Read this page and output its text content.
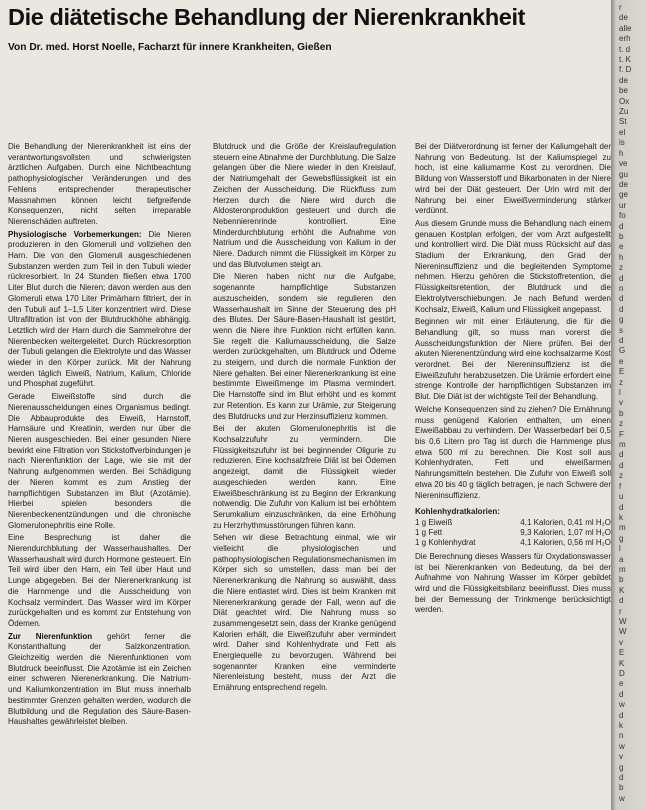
Die diätetische Behandlung der Nierenkrankheit

Von Dr. med. Horst Noelle, Facharzt für innere Krankheiten, Gießen

Die Behandlung der Nierenkrankheit ist eins der verantwortungsvollsten und schwierigsten ärztlichen Aufgaben. Durch eine Nichtbeachtung pathophysiologischer Veränderungen und des Fehlens entsprechender therapeutischer Massnahmen können leicht tiefgreifende Konsequenzen, nicht selten irreparable Nierenschäden auftreten.

Physiologische Vorbemerkungen: Die Nieren produzieren in den Glomeruli und vollziehen den Harn. Die von den Glomeruli ausgeschiedenen Substanzen werden zum Teil in den Tubuli wieder rückresorbiert. In 24 Stunden fließen etwa 1700 Liter Blut durch die Nieren; davon werden aus den Glomeruli etwa 170 Liter Primärharn filtriert, der in den Tubuli auf 1–1,5 Liter konzentriert wird. Diese Ultrafiltration ist von der Blutdruckhöhe abhängig. Letztlich wird der Harn durch die Sammelrohre der Nierenbecken weitergeleitet. Durch Rückresorption der Tubuli gelangen die Elektrolyte und das Wasser wieder in den Körper zurück. Mit der Nahrung werden täglich Eiweiß, Natrium, Kalium, Chloride und Phosphat zugeführt.

Gerade Eiweißstoffe sind durch die Nierenausscheidungen eines Organismus bedingt. Die Abbauprodukte des Eiweiß, Harnstoff, Harnsäure und Kreatinin, werden nur über die Nieren ausgeschieden. Bei einer gesunden Niere bewirkt eine Filtration von Stickstoffverbindungen je nach Nierenfunktion der Lage, wie sie mit der Nahrung aufgenommen werden. Bei Schädigung der Nieren kommt es zum Anstieg der harnpflichtigen Substanzen im Blut (Azotämie). Hierbei spielen besonders die Nierenbeckenentzündungen und die chronische Glomerulonephritis eine Rolle.

Eine Besprechung ist daher die Nierendurchblutung der Wasserhaushaltes. Der Wasserhaushalt wird durch Hormone gesteuert. Ein Teil wird über den Harn, ein Teil über Haut und Lunge abgegeben. Bei der Nierenerkrankung ist die Harnmenge und die Ausscheidung von Kochsalz vermindert. Das Wasser wird im Körper zurückgehalten und es kommt zur Entstehung von Ödemen.

Zur Nierenfunktion gehört ferner die Konstanthaltung der Salzkonzentration. Gleichzeitig werden die Nierenfunktionen vom Blutdruck beeinflusst. Die Azotämie ist ein Zeichen einer schweren Nierenerkrankung. Die Natrium- und Kaliumkonzentration im Blut muss innerhalb bestimmter Grenzen gehalten werden, wodurch die Blutbildung und die Regulation des Säure-Basen-Haushaltes gewährleistet bleiben.

Blutdruck und die Größe der Kreislaufregulation steuern eine Abnahme der Durchblutung. Die Salze gelangen über die Niere wieder in den Kreislauf, der Natriumgehalt der Gewebsflüssigkeit ist ein Zeichen der Ausscheidung. Die Rückfluss zum Herzen durch die Niere wird durch die Aldosteronproduktion gesteuert und durch die Nebennierenrinde kontrolliert. Eine Minderdurchblutung erhöht die Aufnahme von Natrium und die Ausscheidung von Kalium in der Niere. Dadurch nimmt die Flüssigkeit im Körper zu und das Blutvolumen steigt an.

Die Nieren haben nicht nur die Aufgabe, sogenannte harnpflichtige Substanzen auszuscheiden, sondern sie regulieren den Wasserhaushalt im Sinne der Steuerung des pH des Blutes. Der Säure-Basen-Haushalt ist gestört, wenn die Niere ihre Funktion nicht erfüllen kann. Sie regelt die Kaliumausscheidung, die Salze werden zurückgehalten, um Blutdruck und Ödeme zu steigern, und durch die normale Funktion der Niere gehalten. Bei einer Nierenerkrankung ist eine bestimmte Eiweißmenge im Plasma vermindert. Die Harnstoffe sind im Blut erhöht und es kommt zur Retention. Es kann zur Urämie, zur Steigerung des Blutdrucks und zur Herzinsuffizienz kommen.

Bei der akuten Glomerulonephritis ist die Kochsalzzufuhr zu vermindern. Die Flüssigkeitszufuhr ist bei beginnender Oligurie zu reduzieren. Eine kochsalzfreie Diät ist bei Ödemen angezeigt, damit die Flüssigkeit wieder ausgeschieden werden kann. Eine Eiweißbeschränkung ist zu Beginn der Erkrankung notwendig. Die Zufuhr von Kalium ist bei erhöhtem Serumkalium einzuschränken, da eine Erhöhung zu Herzrhythmusstörungen führen kann.

Sehen wir diese Betrachtung einmal, wie wir vielleicht die physiologischen und pathophysiologischen Regulationsmechanismen im Körper sich so umstellen, dass man bei der Nierenerkrankung die Nahrung so auswählt, dass die Niere entlastet wird. Dies ist beim Kranken mit Nierenerkrankung gerade der Fall, wenn auf die Diät geachtet wird. Die Nahrung muss so zusammengesetzt sein, dass der Kranke genügend Kalorien erhält, die Eiweißzufuhr aber vermindert wird. Daher sind Kohlenhydrate und Fett als Energiequelle zu bevorzugen. Während bei sogenannter Kranken eine verminderte Nierenleistung besteht, muss der Arzt die Ernährung entsprechend regeln.

Bei der Diätverordnung ist ferner der Kaliumgehalt der Nahrung von Bedeutung. Ist der Kaliumspiegel zu hoch, ist eine kaliumarme Kost zu verordnen. Die Bildung von Wasserstoff und Bikarbonaten in der Niere wird bei der Diät gesteuert. Der Urin wird mit der Nahrung bei einer Eiweißverminderung stärker verdünnt.

Aus diesem Grunde muss die Behandlung nach einem genauen Kostplan erfolgen, der vom Arzt aufgestellt und kontrolliert wird. Die Diät muss Rücksicht auf das Stadium der Erkrankung, den Grad der Niereninsuffizienz und die begleitenden Symptome nehmen. Hierzu gehören die Stickstoffretention, die Flüssigkeitsretention, der Blutdruck und die Elektrolytverschiebungen. Je nach Befund werden Kochsalz, Eiweiß, Kalium und Flüssigkeit angepasst.

Beginnen wir mit einer Erläuterung, die für die Behandlung gilt, so muss man vorerst die Ausscheidungsfunktion der Niere prüfen. Bei der akuten Nierenentzündung wird eine kochsalzarme Kost verordnet. Bei der Niereninsuffizienz ist die Eiweißzufuhr herabzusetzen. Die Urämie erfordert eine strenge Kontrolle der harnpflichtigen Substanzen im Blut. Die Diät ist der wichtigste Teil der Behandlung.

Welche Konsequenzen sind zu ziehen? Die Ernährung muss genügend Kalorien enthalten, um einen Eiweißabbau zu verhindern. Der Wasserbedarf bei 0,5 bis 0,6 Litern pro Tag ist durch die Harnmenge plus etwa 500 ml zu berechnen. Die Kost soll aus Kohlenhydraten, Fett und eiweißarmen Nahrungsmitteln bestehen. Die Zufuhr von Eiweiß soll etwa 20 bis 40 g täglich betragen, je nach Schwere der Niereninsuffizienz.

Kohlenhydratkalorien:
1 g Eiweiß	4,1 Kalorien, 0,41 ml H₂O
1 g Fett	9,3 Kalorien, 1,07 ml H₂O
1 g Kohlenhydrat	4,1 Kalorien, 0,56 ml H₂O

Die Berechnung dieses Wassers für Oxydationswasser ist bei Nierenkranken von Bedeutung, da bei der Aufnahme von Nahrung Wasser im Körper gebildet wird und die Flüssigkeitsbilanz beeinflusst. Dies muss bei der Bemessung der Trinkmenge berücksichtigt werden.

r
de
alle
erh
t. d
t. K
f. D
de
be
Ox
Zu
St
el
is
h
ve
gu
de
ge
ur
fo
d
b
e
h
z
d
n
d
d
g
s
d
G
e
E
z
l
v
b
z
F
m
d
d
z
f
u
d
k
m
g
l
a
m
b
K
d
r
W
W
v
E
K
D
e
d
w
d
k
n
w
v
g
d
b
w
